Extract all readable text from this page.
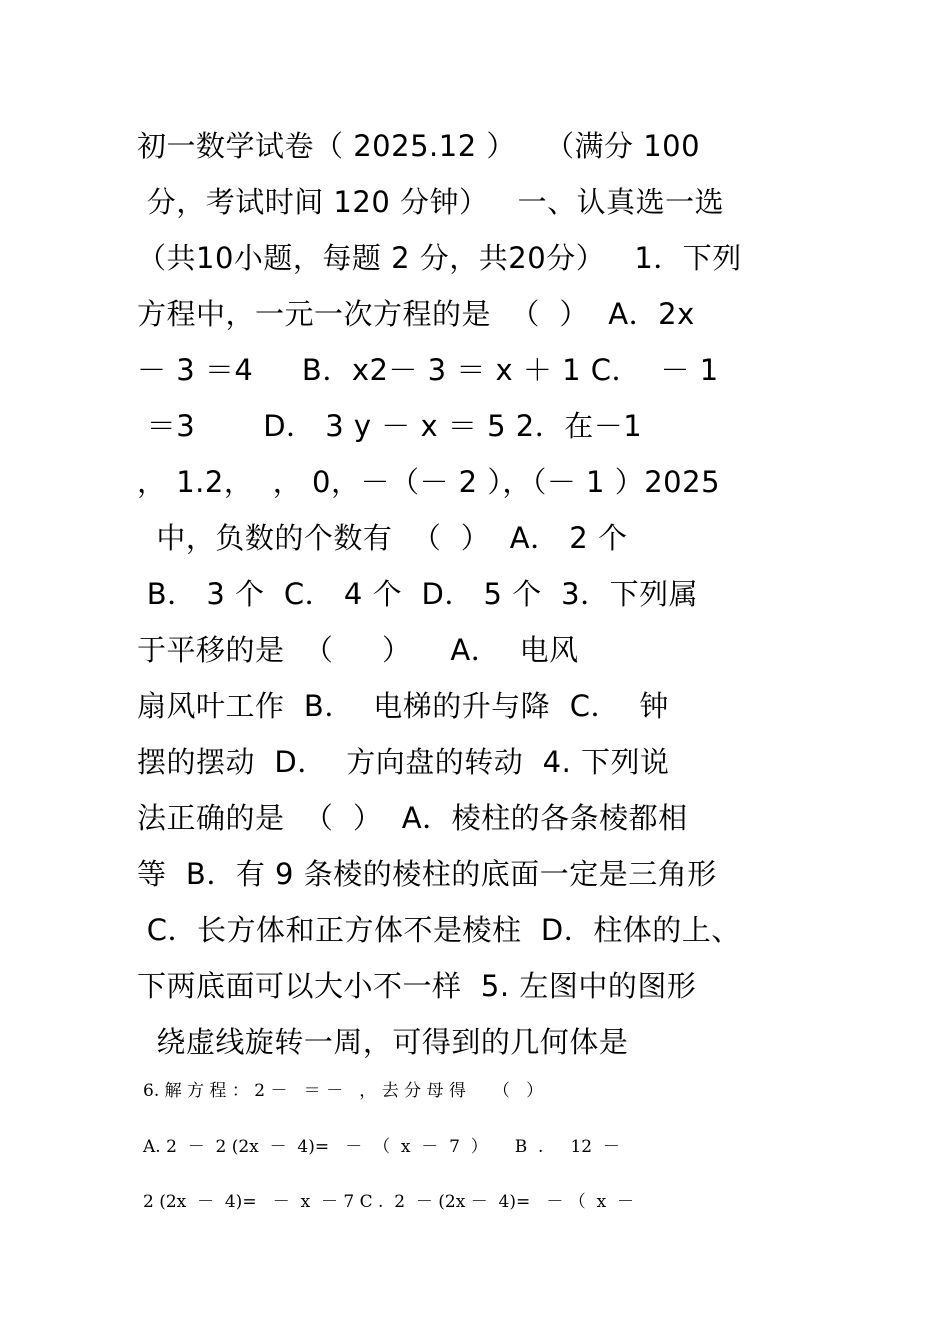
初一数学试卷（ 2025.12 ）   （满分 100
分，考试时间 120 分钟）   一、认真选一选
（共10小题，每题 2 分，共20分）   1．下列
方程中，一元一次方程的是  （  ）  A．2x
－ 3 ＝4     B．x2－ 3 ＝ x ＋ 1 C．  － 1
＝3       D． 3 y － x ＝ 5 2．在－1
， 1.2，  ， 0，－（－ 2 ），（－ 1 ）2025
中，负数的个数有  （  ）  A． 2 个
B． 3 个  C． 4 个  D． 5 个  3．下列属
于平移的是  （     ）    A．  电风
扇风叶工作  B．  电梯的升与降  C．  钟
摆的摆动  D．  方向盘的转动  4. 下列说
法正确的是  （  ）  A．棱柱的各条棱都相
等  B．有 9 条棱的棱柱的底面一定是三角形
C．长方体和正方体不是棱柱  D．柱体的上、
下两底面可以大小不一样  5. 左图中的图形
绕虚线旋转一周，可得到的几何体是
6. 解 方 程 ： 2 －   ＝ －   ， 去 分 母 得     （   ）
A. 2  －  2 (2x  －  4)=   －  （  x  －  7  ）     B  .     12  －
2 (2x  －  4)=   －  x  － 7 C .  2  － (2x －  4)=   － （  x  －
